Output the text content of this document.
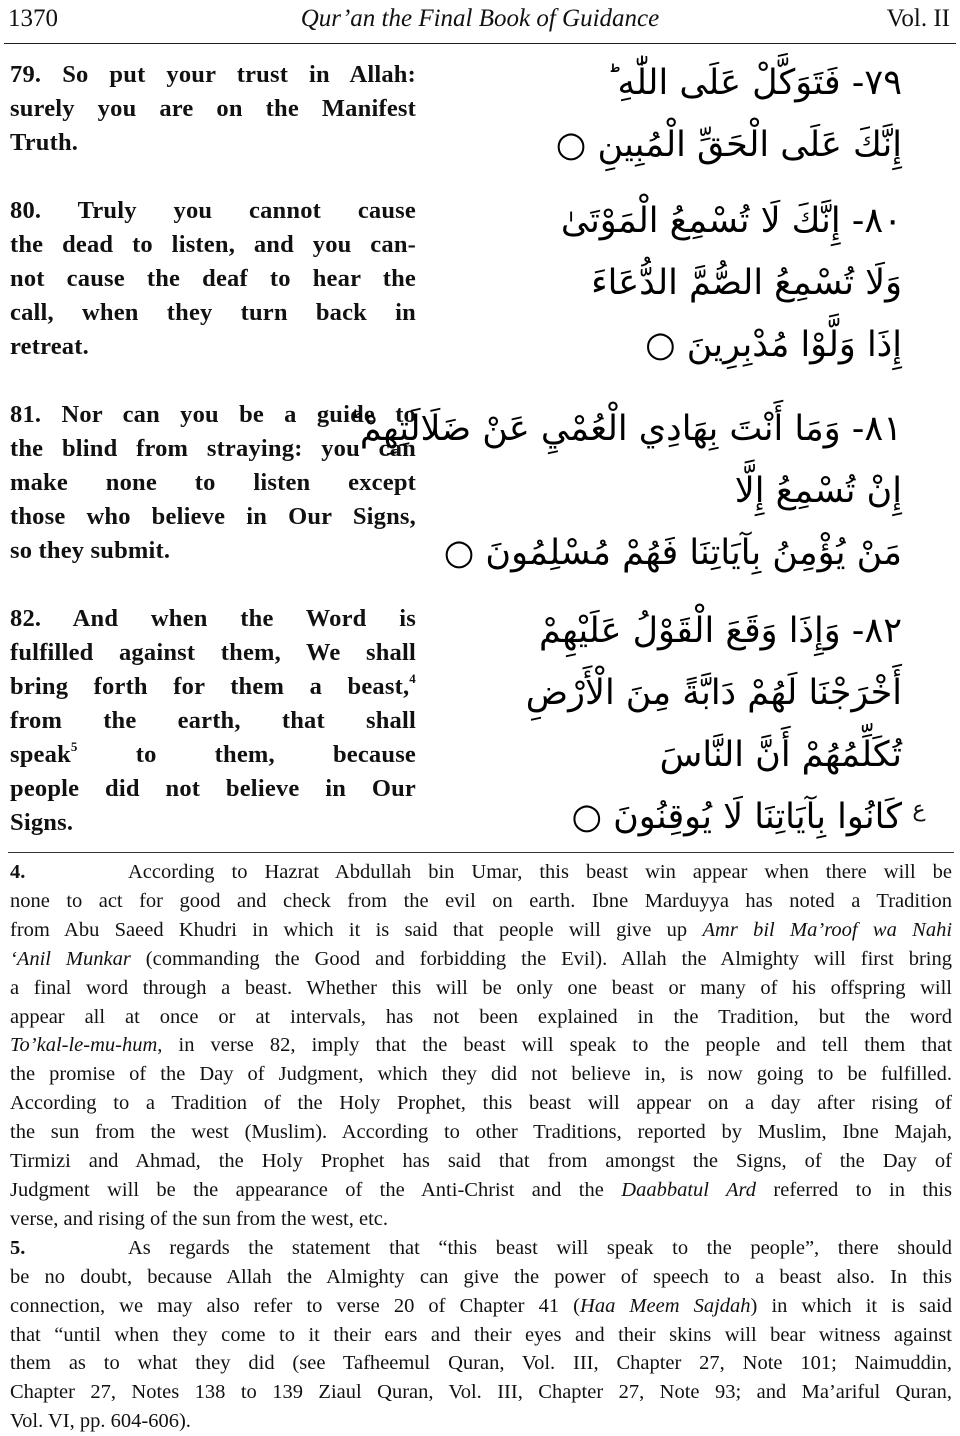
1370	Qur’an the Final Book of Guidance	Vol. II
79. So put your trust in Allah:
surely you are on the Manifest
Truth.
٧٩- فَتَوَكَّلْ عَلَى اللّٰهِ ؕ
إِنَّكَ عَلَى الْحَقِّ الْمُبِينِ ○
80. Truly you cannot cause
the dead to listen, and you can-
not cause the deaf to hear the
call, when they turn back in
retreat.
٨٠- إِنَّكَ لَا تُسْمِعُ الْمَوْتَىٰ
وَلَا تُسْمِعُ الصُّمَّ الدُّعَاءَ
إِذَا وَلَّوْا مُدْبِرِينَ ○
81. Nor can you be a guide to
the blind from straying: you can
make none to listen except
those who believe in Our Signs,
so they submit.
٨١- وَمَا أَنْتَ بِهَادِي الْعُمْيِ عَنْ ضَلَالَتِهِمْ ؕ
إِنْ تُسْمِعُ إِلَّا
مَنْ يُؤْمِنُ بِآيَاتِنَا فَهُمْ مُسْلِمُونَ ○
82. And when the Word is
fulfilled against them, We shall
bring forth for them a beast,$^4$
from the earth, that shall
speak$^5$ to them, because
people did not believe in Our
Signs.
٨٢- وَإِذَا وَقَعَ الْقَوْلُ عَلَيْهِمْ
أَخْرَجْنَا لَهُمْ دَابَّةً مِنَ الْأَرْضِ
تُكَلِّمُهُمْ أَنَّ النَّاسَ
كَانُوا بِآيَاتِنَا لَا يُوقِنُونَ ○ ع
4.	According to Hazrat Abdullah bin Umar, this beast win appear when there will be
none to act for good and check from the evil on earth. Ibne Marduyya has noted a Tradition
from Abu Saeed Khudri in which it is said that people will give up Amr bil Ma’roof wa Nahi
‘Anil Munkar (commanding the Good and forbidding the Evil). Allah the Almighty will first bring
a final word through a beast. Whether this will be only one beast or many of his offspring will
appear all at once or at intervals, has not been explained in the Tradition, but the word
To’kal-le-mu-hum, in verse 82, imply that the beast will speak to the people and tell them that
the promise of the Day of Judgment, which they did not believe in, is now going to be fulfilled.
According to a Tradition of the Holy Prophet, this beast will appear on a day after rising of
the sun from the west (Muslim). According to other Traditions, reported by Muslim, Ibne Majah,
Tirmizi and Ahmad, the Holy Prophet has said that from amongst the Signs, of the Day of
Judgment will be the appearance of the Anti-Christ and the Daabbatul Ard referred to in this
verse, and rising of the sun from the west, etc.
5.	As regards the statement that “this beast will speak to the people”, there should
be no doubt, because Allah the Almighty can give the power of speech to a beast also. In this
connection, we may also refer to verse 20 of Chapter 41 (Haa Meem Sajdah) in which it is said
that “until when they come to it their ears and their eyes and their skins will bear witness against
them as to what they did (see Tafheemul Quran, Vol. III, Chapter 27, Note 101; Naimuddin,
Chapter 27, Notes 138 to 139 Ziaul Quran, Vol. III, Chapter 27, Note 93; and Ma’ariful Quran,
Vol. VI, pp. 604-606).
